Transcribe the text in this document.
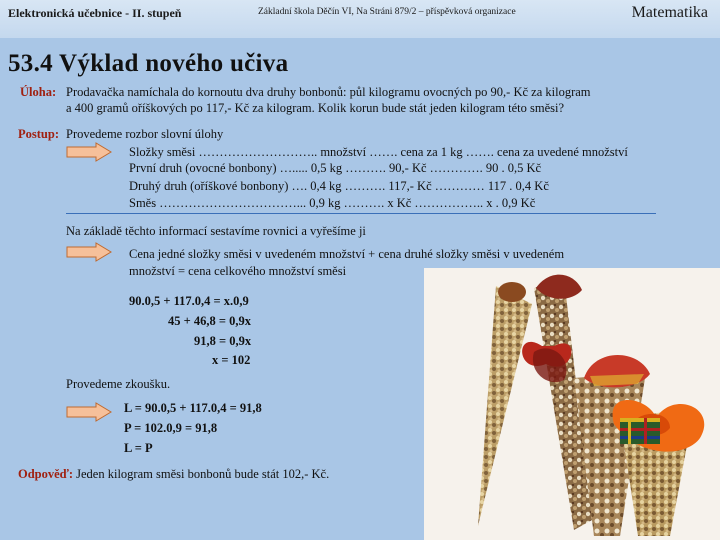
Elektronická učebnice - II. stupeň	Základní škola Děčín VI, Na Stráni 879/2 – příspěvková organizace	Matematika
53.4 Výklad nového učiva
Úloha: Prodavačka namíchala do kornoutu dva druhy bonbonů: půl kilogramu ovocných po 90,- Kč za kilogram
a 400 gramů oříškových po 117,- Kč za kilogram. Kolik korun bude stát jeden kilogram této směsi?
Postup: Provedeme rozbor slovní úlohy
Složky směsi ……………………….. množství ……. cena za 1 kg ……. cena za uvedené množství
První druh (ovocné bonbony) …..... 0,5 kg ………. 90,- Kč …………. 90 . 0,5 Kč
Druhý druh (oříškové bonbony) …. 0,4 kg ………. 117,- Kč ………… 117 . 0,4 Kč
Směs ……………………………... 0,9 kg ………. x Kč …………….. x . 0,9 Kč
Na základě těchto informací sestavíme rovnici a vyřešíme ji
Cena jedné složky směsi v uvedeném množství + cena druhé složky směsi v uvedeném
množství = cena celkového množství směsi
90.0,5 + 117.0,4 = x.0,9
45 + 46,8 = 0,9x
91,8 = 0,9x
x = 102
Provedeme zkoušku.
L = 90.0,5 + 117.0,4 = 91,8
P = 102.0,9 = 91,8
L = P
Odpověď: Jeden kilogram směsi bonbonů bude stát 102,- Kč.
